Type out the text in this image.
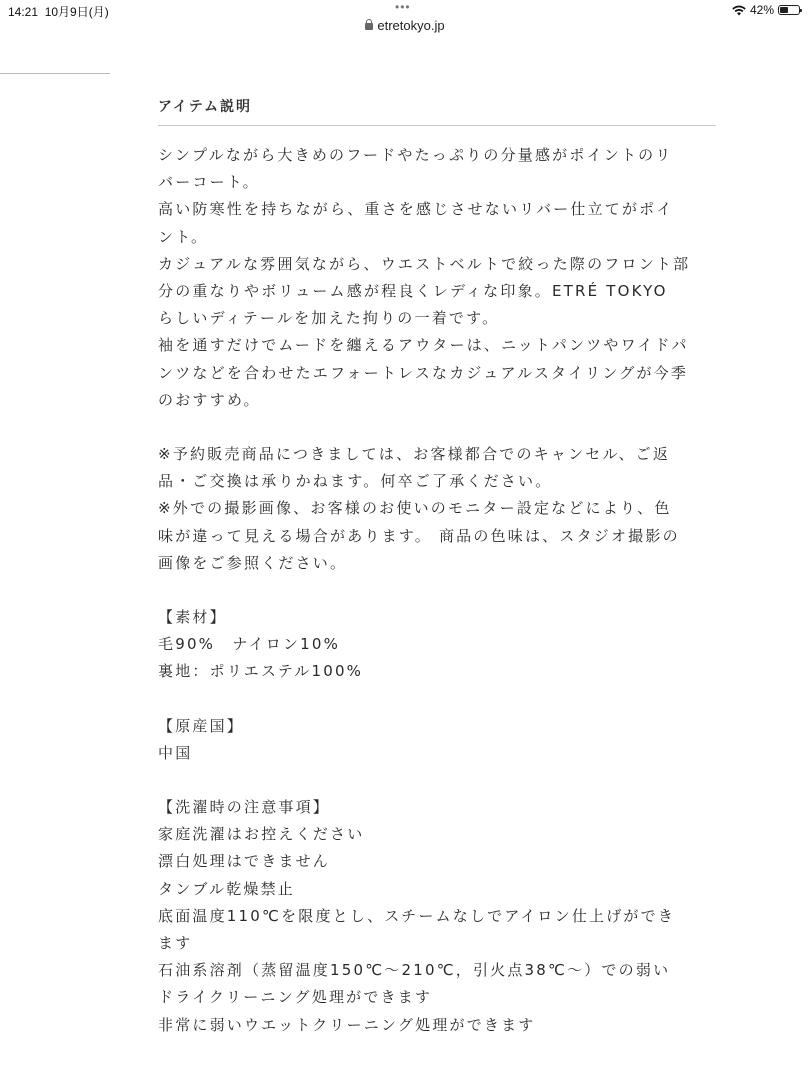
14:21 10月9日(月)	•••	42%
etretokyo.jp
アイテム説明

シンプルながら大きめのフードやたっぷりの分量感がポイントのリ

バーコート。

高い防寒性を持ちながら、重さを感じさせないリバー仕立てがポイ

ント。

カジュアルな雰囲気ながら、ウエストベルトで絞った際のフロント部

分の重なりやボリューム感が程良くレディな印象。ETRÉ TOKYO

らしいディテールを加えた拘りの一着です。

袖を通すだけでムードを纏えるアウターは、ニットパンツやワイドパ

ンツなどを合わせたエフォートレスなカジュアルスタイリングが今季

のおすすめ。

※予約販売商品につきましては、お客様都合でのキャンセル、ご返

品・ご交換は承りかねます。何卒ご了承ください。

※外での撮影画像、お客様のお使いのモニター設定などにより、色

味が違って見える場合があります。 商品の色味は、スタジオ撮影の

画像をご参照ください。

【素材】

毛90%　ナイロン10%

裏地：ポリエステル100%

【原産国】

中国

【洗濯時の注意事項】

家庭洗濯はお控えください

漂白処理はできません

タンブル乾燥禁止

底面温度110℃を限度とし、スチームなしでアイロン仕上げができ

ます

石油系溶剤（蒸留温度150℃〜210℃，引火点38℃〜）での弱い

ドライクリーニング処理ができます

非常に弱いウエットクリーニング処理ができます
